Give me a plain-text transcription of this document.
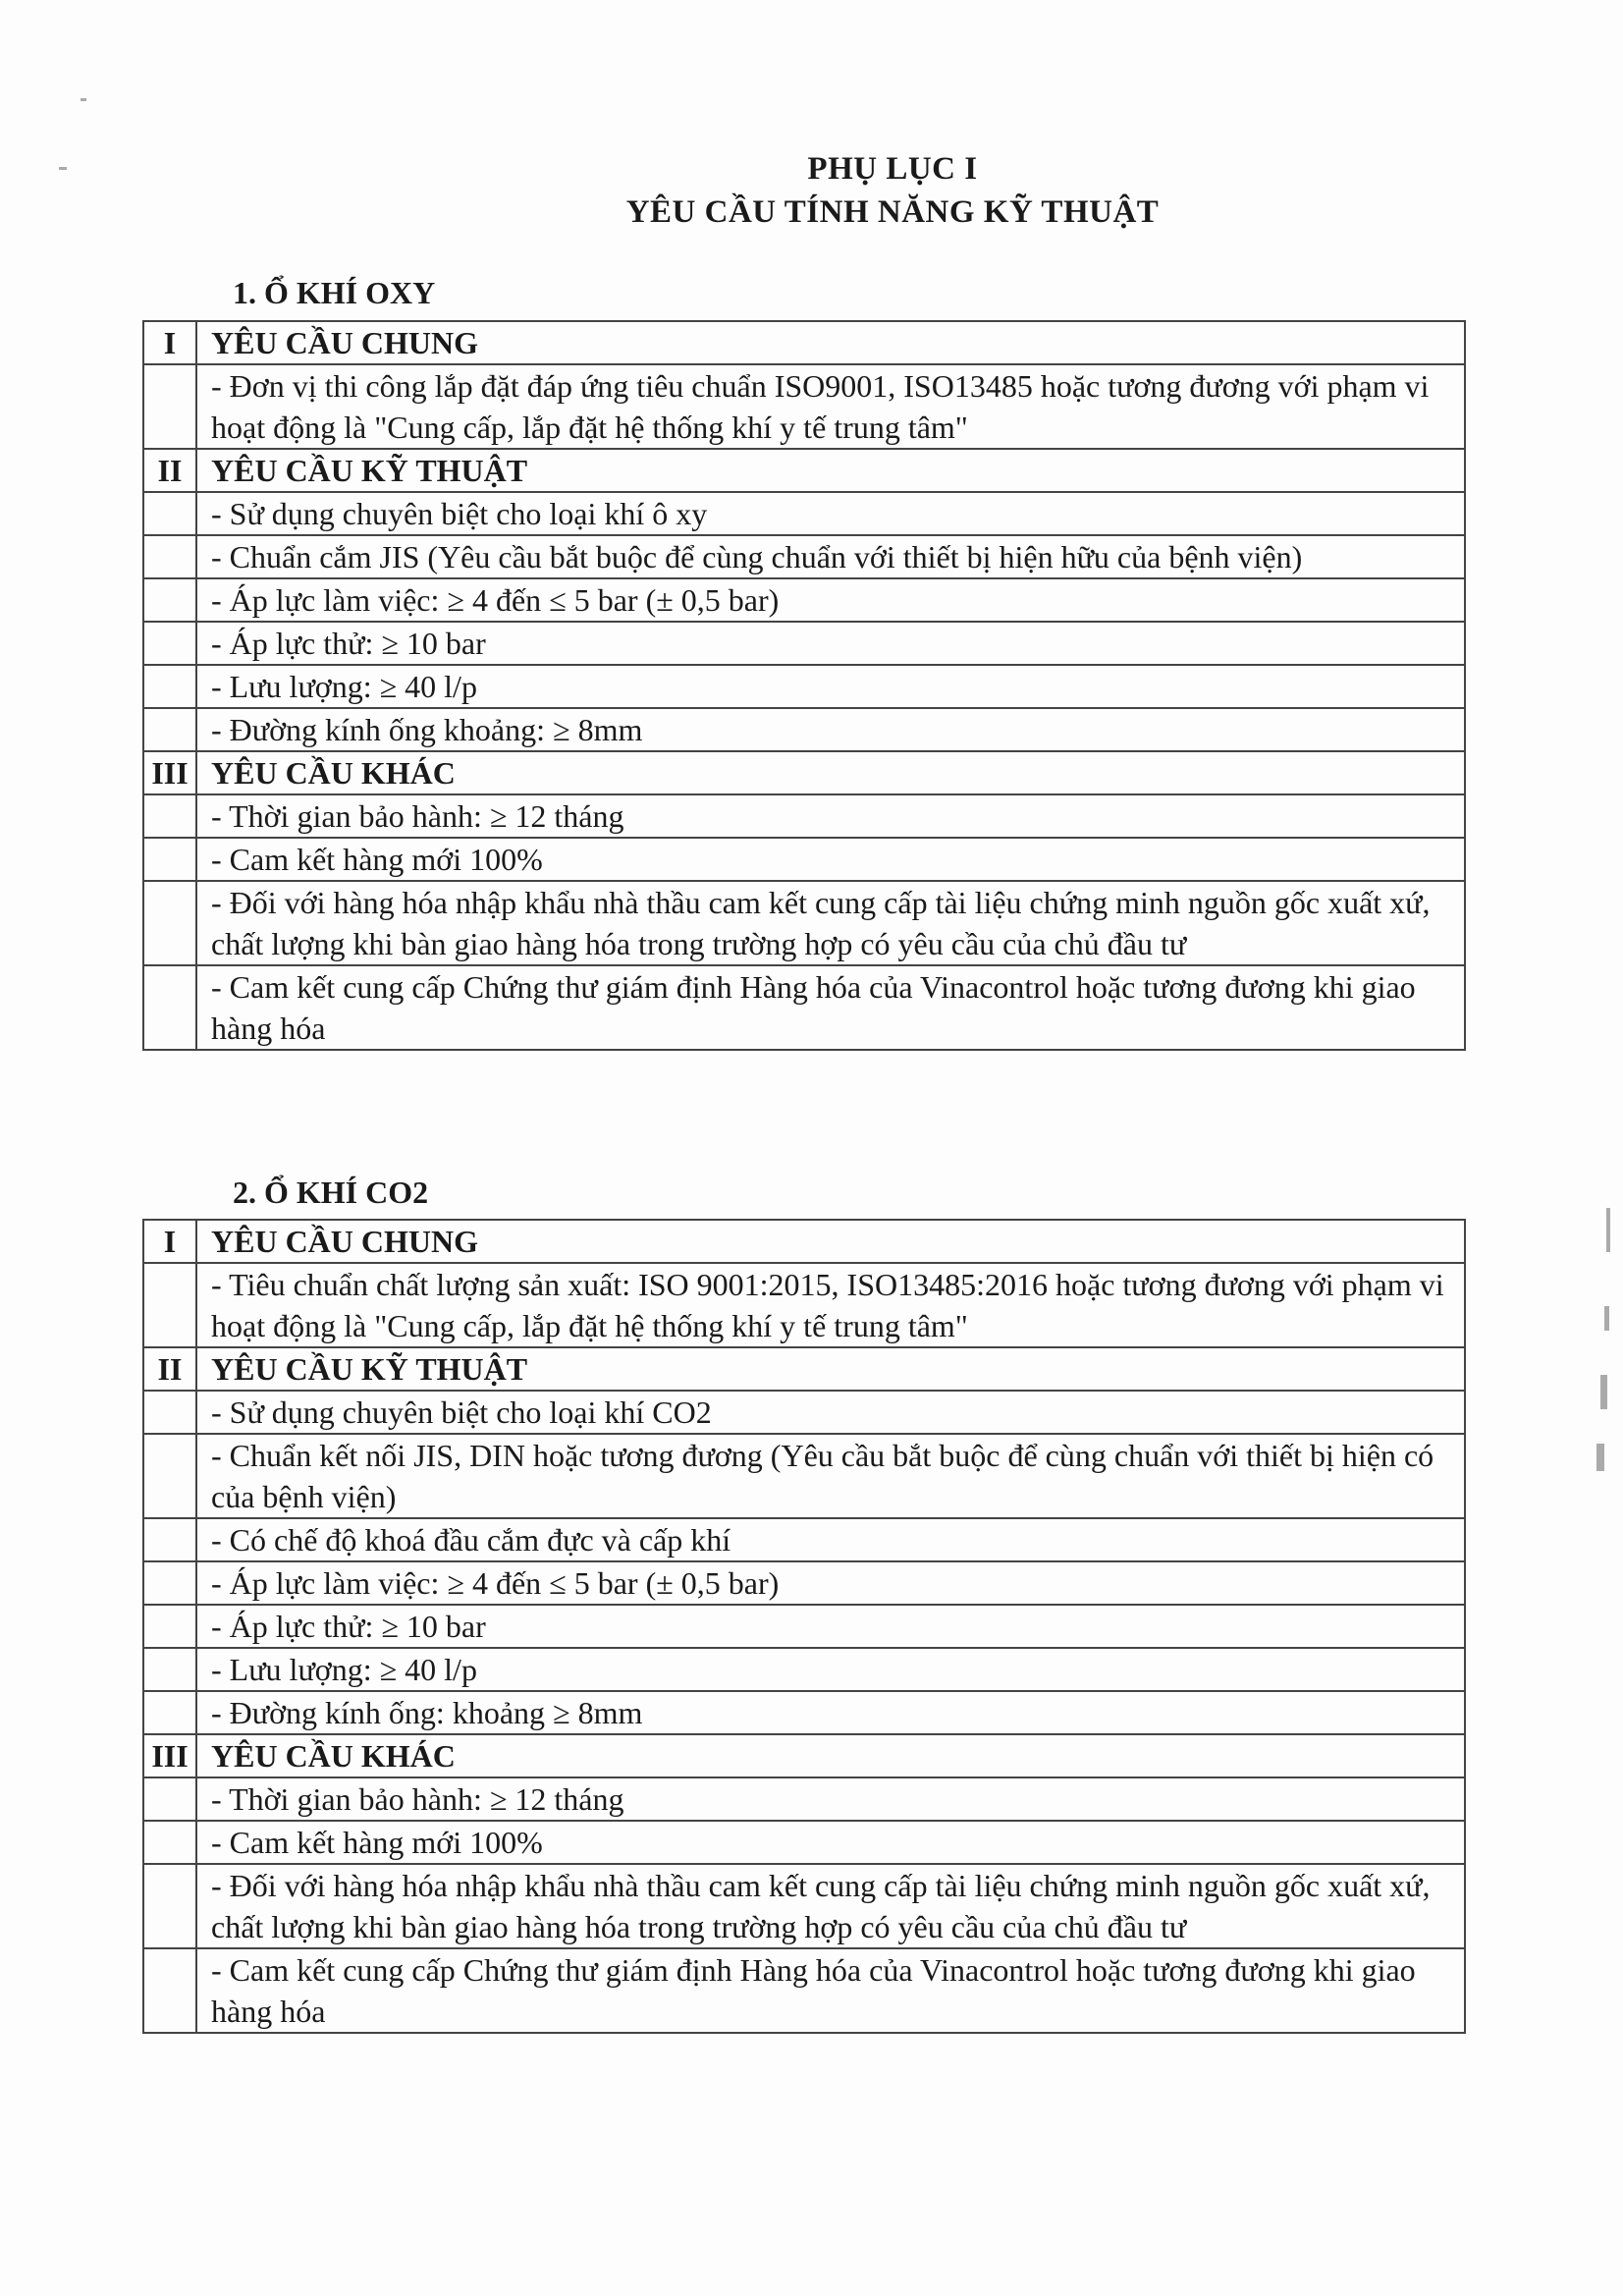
PHỤ LỤC I
YÊU CẦU TÍNH NĂNG KỸ THUẬT
1. Ổ KHÍ OXY
I	YÊU CẦU CHUNG
	- Đơn vị thi công lắp đặt đáp ứng tiêu chuẩn ISO9001, ISO13485 hoặc tương đương với phạm vi hoạt động là "Cung cấp, lắp đặt hệ thống khí y tế trung tâm"
II	YÊU CẦU KỸ THUẬT
	- Sử dụng chuyên biệt cho loại khí ô xy
	- Chuẩn cắm JIS (Yêu cầu bắt buộc để cùng chuẩn với thiết bị hiện hữu của bệnh viện)
	- Áp lực làm việc: ≥ 4 đến ≤ 5 bar (± 0,5 bar)
	- Áp lực thử: ≥ 10 bar
	- Lưu lượng: ≥ 40 l/p
	- Đường kính ống khoảng: ≥ 8mm
III	YÊU CẦU KHÁC
	- Thời gian bảo hành: ≥ 12 tháng
	- Cam kết hàng mới 100%
	- Đối với hàng hóa nhập khẩu nhà thầu cam kết cung cấp tài liệu chứng minh nguồn gốc xuất xứ, chất lượng khi bàn giao hàng hóa trong trường hợp có yêu cầu của chủ đầu tư
	- Cam kết cung cấp Chứng thư giám định Hàng hóa của Vinacontrol hoặc tương đương khi giao hàng hóa
2. Ổ KHÍ CO2
I	YÊU CẦU CHUNG
	- Tiêu chuẩn chất lượng sản xuất: ISO 9001:2015, ISO13485:2016 hoặc tương đương với phạm vi hoạt động là "Cung cấp, lắp đặt hệ thống khí y tế trung tâm"
II	YÊU CẦU KỸ THUẬT
	- Sử dụng chuyên biệt cho loại khí CO2
	- Chuẩn kết nối JIS, DIN hoặc tương đương (Yêu cầu bắt buộc để cùng chuẩn với thiết bị hiện có của bệnh viện)
	- Có chế độ khoá đầu cắm đực và cấp khí
	- Áp lực làm việc: ≥ 4 đến ≤ 5 bar (± 0,5 bar)
	- Áp lực thử: ≥ 10 bar
	- Lưu lượng: ≥ 40 l/p
	- Đường kính ống: khoảng ≥ 8mm
III	YÊU CẦU KHÁC
	- Thời gian bảo hành: ≥ 12 tháng
	- Cam kết hàng mới 100%
	- Đối với hàng hóa nhập khẩu nhà thầu cam kết cung cấp tài liệu chứng minh nguồn gốc xuất xứ, chất lượng khi bàn giao hàng hóa trong trường hợp có yêu cầu của chủ đầu tư
	- Cam kết cung cấp Chứng thư giám định Hàng hóa của Vinacontrol hoặc tương đương khi giao hàng hóa
